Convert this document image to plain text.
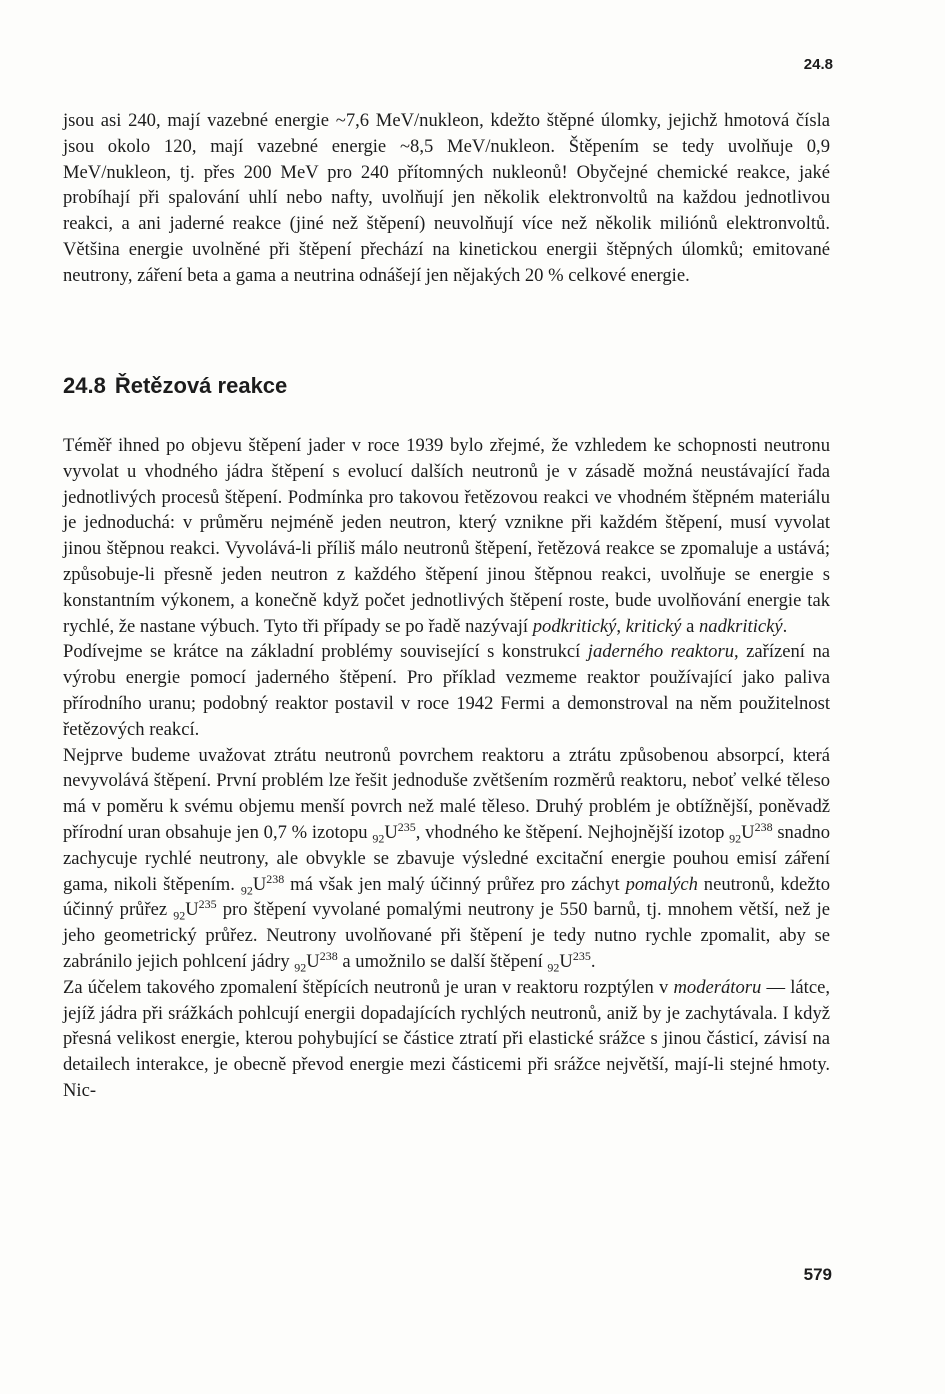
24.8

jsou asi 240, mají vazebné energie ~7,6 MeV/nukleon, kdežto štěpné úlomky, jejichž hmotová čísla jsou okolo 120, mají vazebné energie ~8,5 MeV/nukleon. Štěpením se tedy uvolňuje 0,9 MeV/nukleon, tj. přes 200 MeV pro 240 přítomných nukleonů! Obyčejné chemické reakce, jaké probíhají při spalování uhlí nebo nafty, uvolňují jen několik elektronvoltů na každou jednotlivou reakci, a ani jaderné reakce (jiné než štěpení) neuvolňují více než několik miliónů elektronvoltů. Většina energie uvolněné při štěpení přechází na kinetickou energii štěpných úlomků; emitované neutrony, záření beta a gama a neutrina odnášejí jen nějakých 20 % celkové energie.

24.8 Řetězová reakce

Téměř ihned po objevu štěpení jader v roce 1939 bylo zřejmé, že vzhledem ke schopnosti neutronu vyvolat u vhodného jádra štěpení s evolucí dalších neutronů je v zásadě možná neustávající řada jednotlivých procesů štěpení. Podmínka pro takovou řetězovou reakci ve vhodném štěpném materiálu je jednoduchá: v průměru nejméně jeden neutron, který vznikne při každém štěpení, musí vyvolat jinou štěpnou reakci. Vyvolává-li příliš málo neutronů štěpení, řetězová reakce se zpomaluje a ustává; způsobuje-li přesně jeden neutron z každého štěpení jinou štěpnou reakci, uvolňuje se energie s konstantním výkonem, a konečně když počet jednotlivých štěpení roste, bude uvolňování energie tak rychlé, že nastane výbuch. Tyto tři případy se po řadě nazývají podkritický, kritický a nadkritický.

Podívejme se krátce na základní problémy související s konstrukcí jaderného reaktoru, zařízení na výrobu energie pomocí jaderného štěpení. Pro příklad vezmeme reaktor používající jako paliva přírodního uranu; podobný reaktor postavil v roce 1942 Fermi a demonstroval na něm použitelnost řetězových reakcí.

Nejprve budeme uvažovat ztrátu neutronů povrchem reaktoru a ztrátu způsobenou absorpcí, která nevyvolává štěpení. První problém lze řešit jednoduše zvětšením rozměrů reaktoru, neboť velké těleso má v poměru k svému objemu menší povrch než malé těleso. Druhý problém je obtížnější, poněvadž přírodní uran obsahuje jen 0,7 % izotopu $_{92}U^{235}$, vhodného ke štěpení. Nejhojnější izotop $_{92}U^{238}$ snadno zachycuje rychlé neutrony, ale obvykle se zbavuje výsledné excitační energie pouhou emisí záření gama, nikoli štěpením. $_{92}U^{238}$ má však jen malý účinný průřez pro záchyt pomalých neutronů, kdežto účinný průřez $_{92}U^{235}$ pro štěpení vyvolané pomalými neutrony je 550 barnů, tj. mnohem větší, než je jeho geometrický průřez. Neutrony uvolňované při štěpení je tedy nutno rychle zpomalit, aby se zabránilo jejich pohlcení jádry $_{92}U^{238}$ a umožnilo se další štěpení $_{92}U^{235}$.

Za účelem takového zpomalení štěpících neutronů je uran v reaktoru rozptýlen v moderátoru — látce, jejíž jádra při srážkách pohlcují energii dopadajících rychlých neutronů, aniž by je zachytávala. I když přesná velikost energie, kterou pohybující se částice ztratí při elastické srážce s jinou částicí, závisí na detailech interakce, je obecně převod energie mezi částicemi při srážce největší, mají-li stejné hmoty. Nic-

579
